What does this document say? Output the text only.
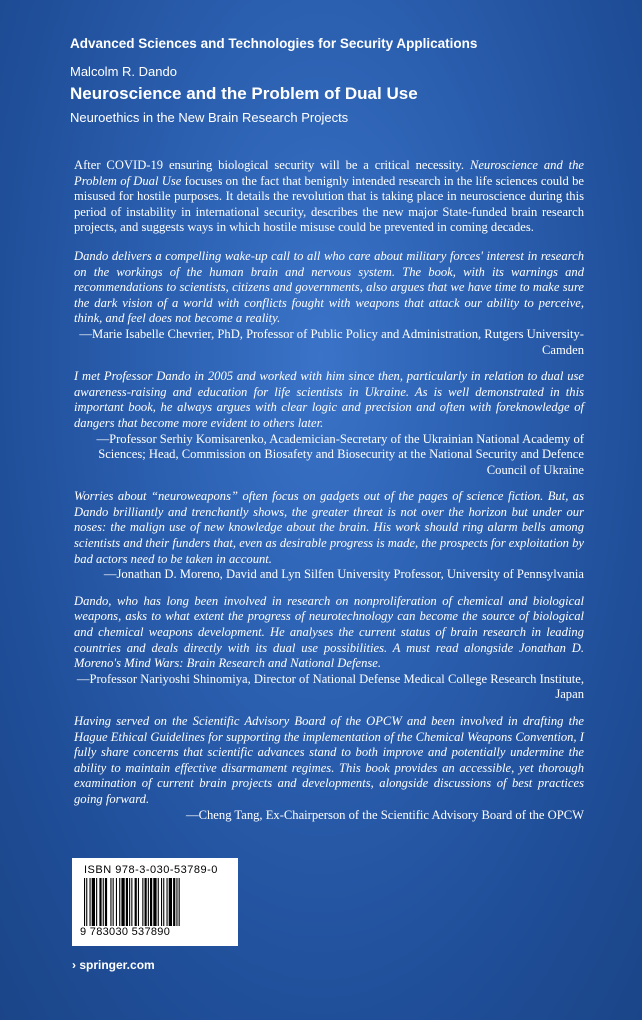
Advanced Sciences and Technologies for Security Applications
Malcolm R. Dando
Neuroscience and the Problem of Dual Use
Neuroethics in the New Brain Research Projects

After COVID-19 ensuring biological security will be a critical necessity. Neuroscience and the Problem of Dual Use focuses on the fact that benignly intended research in the life sciences could be misused for hostile purposes. It details the revolution that is taking place in neuroscience during this period of instability in international security, describes the new major State-funded brain research projects, and suggests ways in which hostile misuse could be prevented in coming decades.

Dando delivers a compelling wake-up call to all who care about military forces' interest in research on the workings of the human brain and nervous system. The book, with its warnings and recommendations to scientists, citizens and governments, also argues that we have time to make sure the dark vision of a world with conflicts fought with weapons that attack our ability to perceive, think, and feel does not become a reality.
—Marie Isabelle Chevrier, PhD, Professor of Public Policy and Administration, Rutgers University-Camden
I met Professor Dando in 2005 and worked with him since then, particularly in relation to dual use awareness-raising and education for life scientists in Ukraine. As is well demonstrated in this important book, he always argues with clear logic and precision and often with foreknowledge of dangers that become more evident to others later.
—Professor Serhiy Komisarenko, Academician-Secretary of the Ukrainian National Academy of Sciences; Head, Commission on Biosafety and Biosecurity at the National Security and Defence Council of Ukraine
Worries about “neuroweapons” often focus on gadgets out of the pages of science fiction. But, as Dando brilliantly and trenchantly shows, the greater threat is not over the horizon but under our noses: the malign use of new knowledge about the brain. His work should ring alarm bells among scientists and their funders that, even as desirable progress is made, the prospects for exploitation by bad actors need to be taken in account.
—Jonathan D. Moreno, David and Lyn Silfen University Professor, University of Pennsylvania
Dando, who has long been involved in research on nonproliferation of chemical and biological weapons, asks to what extent the progress of neurotechnology can become the source of biological and chemical weapons development. He analyses the current status of brain research in leading countries and deals directly with its dual use possibilities. A must read alongside Jonathan D. Moreno's Mind Wars: Brain Research and National Defense.
—Professor Nariyoshi Shinomiya, Director of National Defense Medical College Research Institute, Japan
Having served on the Scientific Advisory Board of the OPCW and been involved in drafting the Hague Ethical Guidelines for supporting the implementation of the Chemical Weapons Convention, I fully share concerns that scientific advances stand to both improve and potentially undermine the ability to maintain effective disarmament regimes. This book provides an accessible, yet thorough examination of current brain projects and developments, alongside discussions of best practices going forward.
—Cheng Tang, Ex-Chairperson of the Scientific Advisory Board of the OPCW
ISBN 978-3-030-53789-0
9 783030 537890
› springer.com
